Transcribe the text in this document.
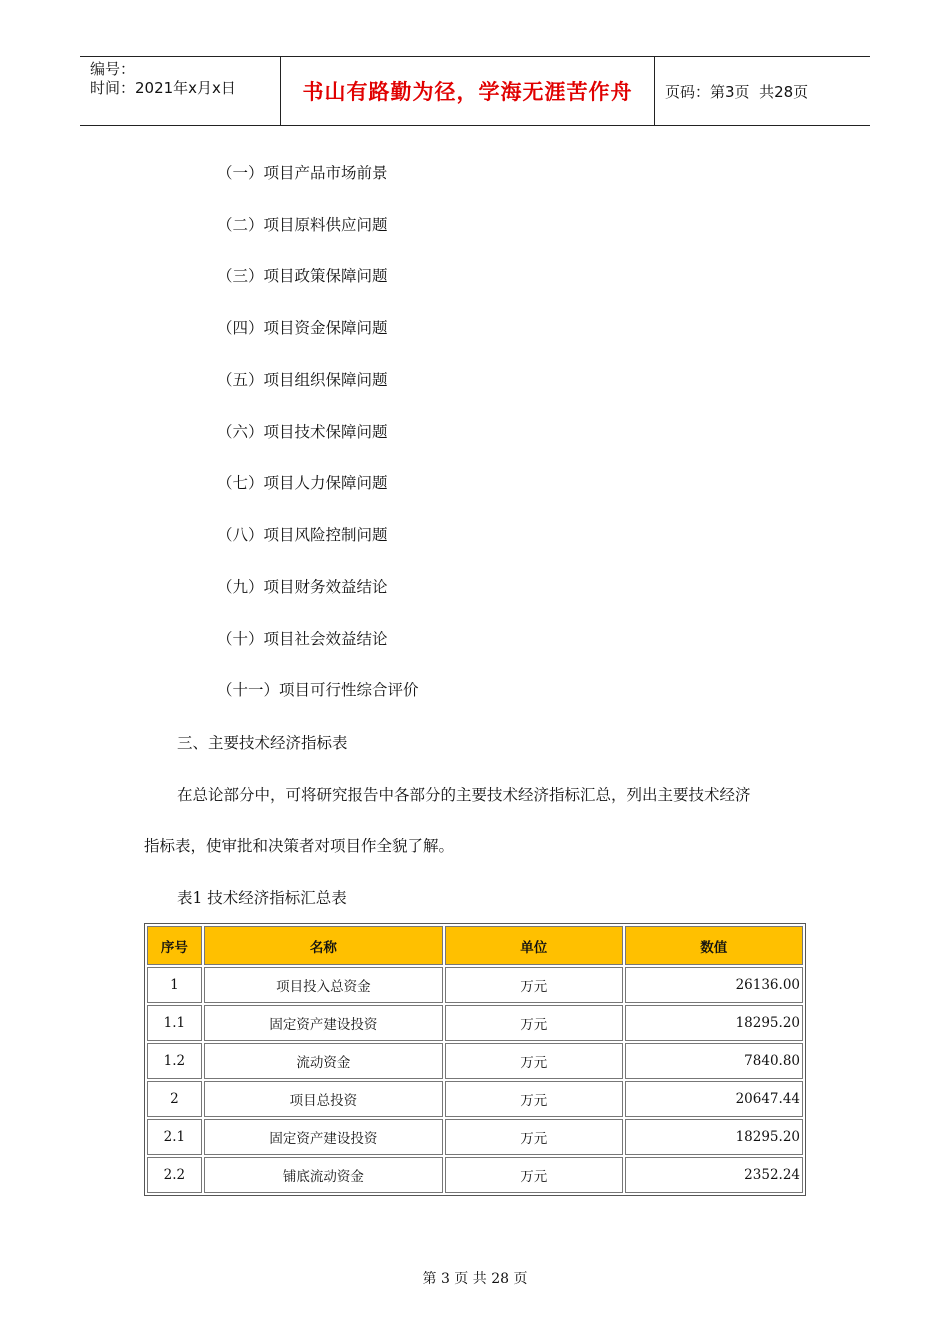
编号：
时间：2021年x月x日	书山有路勤为径，学海无涯苦作舟	页码：第3页  共28页
（一）项目产品市场前景
（二）项目原料供应问题
（三）项目政策保障问题
（四）项目资金保障问题
（五）项目组织保障问题
（六）项目技术保障问题
（七）项目人力保障问题
（八）项目风险控制问题
（九）项目财务效益结论
（十）项目社会效益结论
（十一）项目可行性综合评价
三、主要技术经济指标表
在总论部分中，可将研究报告中各部分的主要技术经济指标汇总，列出主要技术经济
指标表，使审批和决策者对项目作全貌了解。
表1 技术经济指标汇总表
序号	名称	单位	数值
1	项目投入总资金	万元	26136.00
1.1	固定资产建设投资	万元	18295.20
1.2	流动资金	万元	7840.80
2	项目总投资	万元	20647.44
2.1	固定资产建设投资	万元	18295.20
2.2	铺底流动资金	万元	2352.24
第 3 页 共 28 页
